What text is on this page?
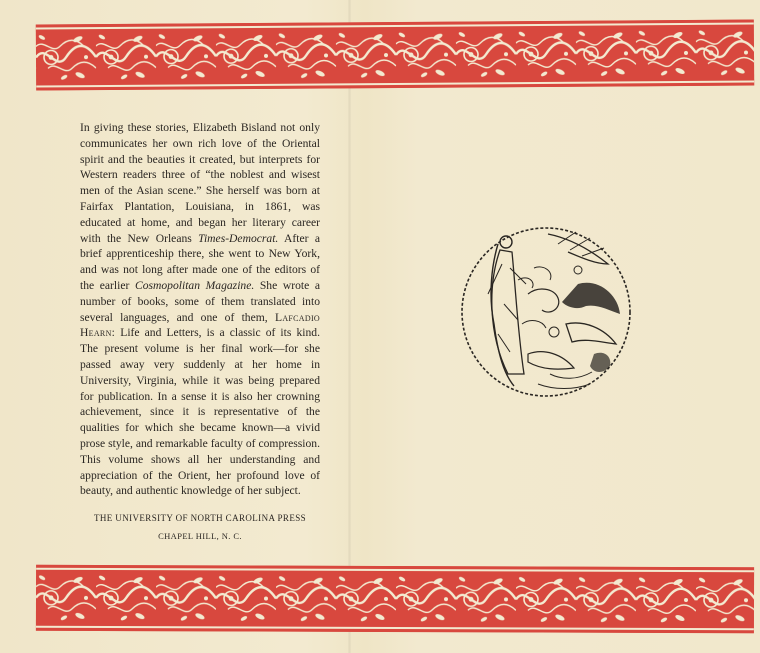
In giving these stories, Elizabeth Bisland not only communicates her own rich love of the Oriental spirit and the beauties it created, but interprets for Western readers three of “the noblest and wisest men of the Asian scene.” She herself was born at Fairfax Plantation, Louisiana, in 1861, was educated at home, and began her literary career with the New Orleans Times-Democrat. After a brief apprenticeship there, she went to New York, and was not long after made one of the editors of the earlier Cosmopolitan Magazine. She wrote a number of books, some of them translated into several languages, and one of them, Lafcadio Hearn: Life and Letters, is a classic of its kind. The present volume is her final work—for she passed away very suddenly at her home in University, Virginia, while it was being prepared for publication. In a sense it is also her crowning achievement, since it is representative of the qualities for which she became known—a vivid prose style, and remarkable faculty of compression. This volume shows all her understanding and appreciation of the Orient, her profound love of beauty, and authentic knowledge of her subject.

THE UNIVERSITY OF NORTH CAROLINA PRESS

CHAPEL HILL, N. C.
